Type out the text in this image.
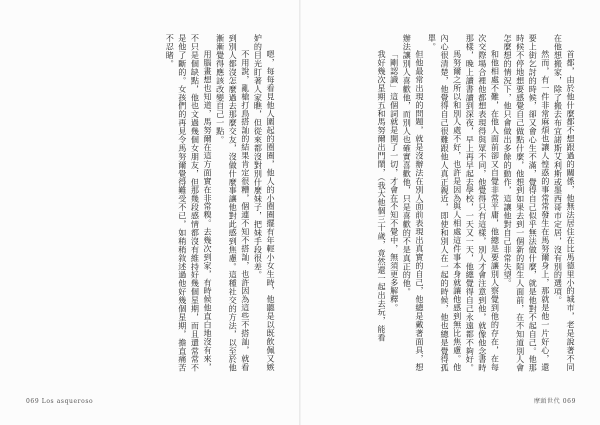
嗯，每每看見他人圍起的圈圈，他人的小圈圈擺有年輕小女生時，他聽是以既飲佩又嫉妒的目光盯著人家瞧，但從來都沒對別什麼妹子，把妹手段很差。

不用說，亂槍打鳥搭訕的結果肯定很糟，個連不知不搭訕，也許因為這些不搭訕，就看到別人都沒怎麼過去那麼交友，沒做什麼事讓他對此感到焦慮。這種社交的方法，以至於他漸漸覺得應該改變自己一點。

用腦畫想也知道，馬努爾在這方面實在非常糗。去幾次到家，有時候他直白地沒有來，不只是個缺點，他也文過幾個女朋友，但那幾段感情都沒有維持好幾個星期，而且還常常不是他了斷的。女孩們的再見令馬努爾覺得難受不已，如稍稍敘述過他好幾個星期，擔直痛苦不忍睹。

069 Los asqueroso

首都，由於他什麼都不想跟過的關係，他無法居住在比馬德里小的城市，老是說著不同在他想搬家，除了搬去布宜諾斯艾利斯或墨西哥市定居，沒有別的選項。

然而，有一件非常麻煩也讓人惶惑的事常常發生在馬努爾身上，那就是他一片好心，還要上街乞討的時候，卻又會心生不滿，覺得自己似乎無法做什麼，就是他對不起自己。他那時候不停地想要感覺自己做點什麼，他想到如果去到一個新的陌生人面前，在不知道別人會怎麼想的情況下，他只會做出多餘的動作，這讓他對自己非常失望。

和他相處不難，在他人面前卻又自覺非常平庸，他總是要讓別人察覺到他的存在，在每次交際場合裡他都想表現得與眾不同，他覺得只有這樣，別人才會注意到他，就像他念書時那樣，晚上讀書讀到深夜，早上再早起去學校，一天又一天，他總覺得自己永遠都不夠好。

馬努爾之所以和別人處不好，也許是因為與人相處這件事本身就讓他感到無比焦慮。他內心很清楚，他覺得自己很難跟他人真正親近，即使和別人在一起的時候，他也總是覺得孤單。

但他最常出現的問題，就是沒辦法在別人面前表現出真實的自己，他總是戴著面具，想辦法讓別人喜歡他，而別人也確實喜歡他，只是喜歡的不是真正的他。

「剛認識」這個詞就是開了一切，才會在不知不覺中，無須更多解釋。

我好幾次星期五和馬努爾出門鬧，（我大他個三十歲，竟然還一起出去玩，能看

摩頭世代 069
